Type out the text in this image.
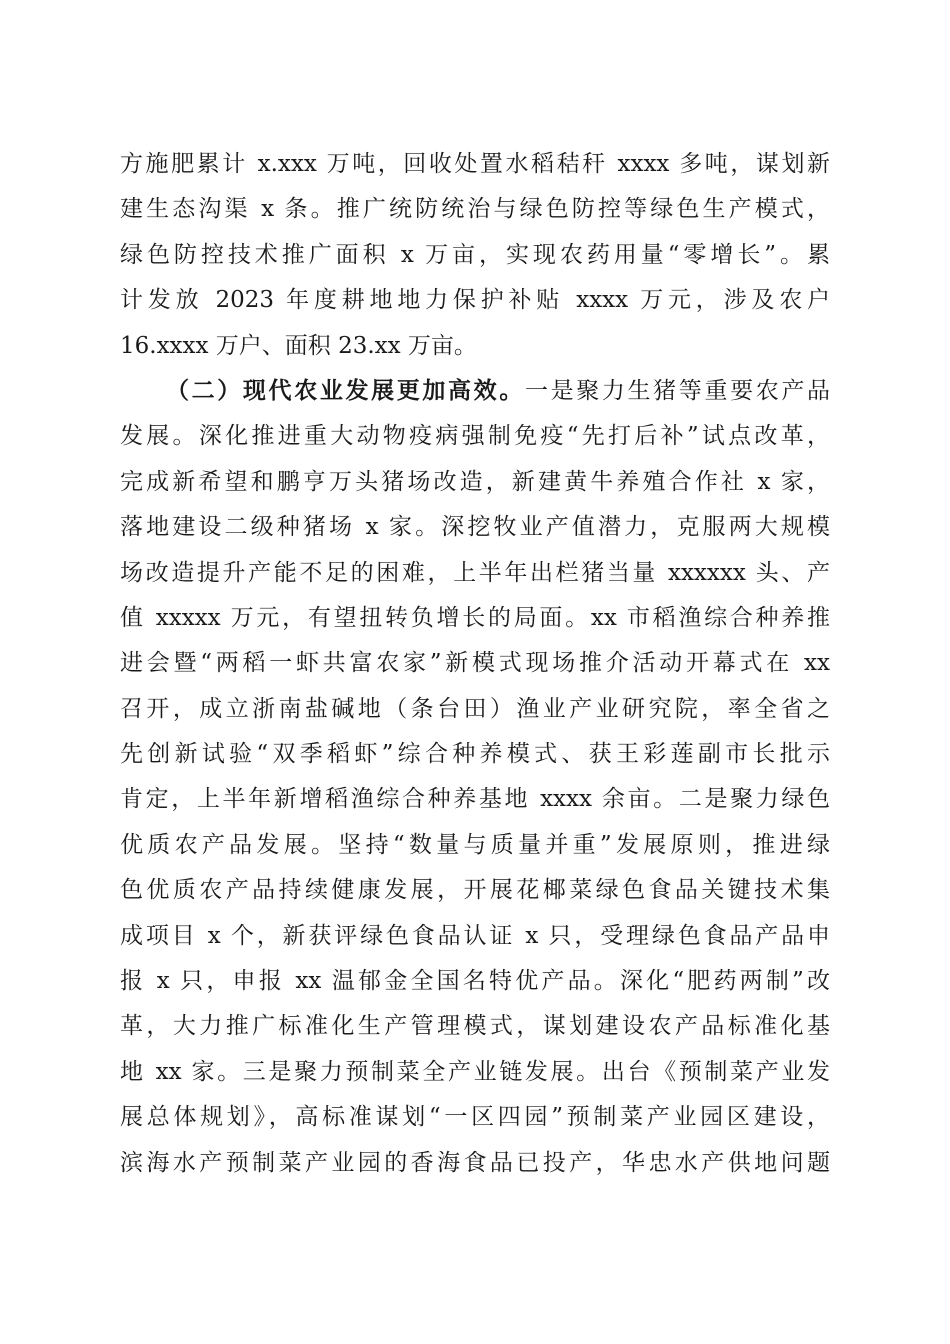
方施肥累计 x.xxx 万吨，回收处置水稻秸秆 xxxx 多吨，谋划新
建生态沟渠 x 条。推广统防统治与绿色防控等绿色生产模式，
绿色防控技术推广面积 x 万亩，实现农药用量“零增长”。累
计发放 2023 年度耕地地力保护补贴 xxxx 万元，涉及农户
16.xxxx 万户、面积 23.xx 万亩。
（二）现代农业发展更加高效。一是聚力生猪等重要农产品
发展。深化推进重大动物疫病强制免疫“先打后补”试点改革，
完成新希望和鹏亨万头猪场改造，新建黄牛养殖合作社 x 家，
落地建设二级种猪场 x 家。深挖牧业产值潜力，克服两大规模
场改造提升产能不足的困难，上半年出栏猪当量 xxxxxx 头、产
值 xxxxx 万元，有望扭转负增长的局面。xx 市稻渔综合种养推
进会暨“两稻一虾共富农家”新模式现场推介活动开幕式在 xx
召开，成立浙南盐碱地（条台田）渔业产业研究院，率全省之
先创新试验“双季稻虾”综合种养模式、获王彩莲副市长批示
肯定，上半年新增稻渔综合种养基地 xxxx 余亩。二是聚力绿色
优质农产品发展。坚持“数量与质量并重”发展原则，推进绿
色优质农产品持续健康发展，开展花椰菜绿色食品关键技术集
成项目 x 个，新获评绿色食品认证 x 只，受理绿色食品产品申
报 x 只，申报 xx 温郁金全国名特优产品。深化“肥药两制”改
革，大力推广标准化生产管理模式，谋划建设农产品标准化基
地 xx 家。三是聚力预制菜全产业链发展。出台《预制菜产业发
展总体规划》，高标准谋划“一区四园”预制菜产业园区建设，
滨海水产预制菜产业园的香海食品已投产，华忠水产供地问题
